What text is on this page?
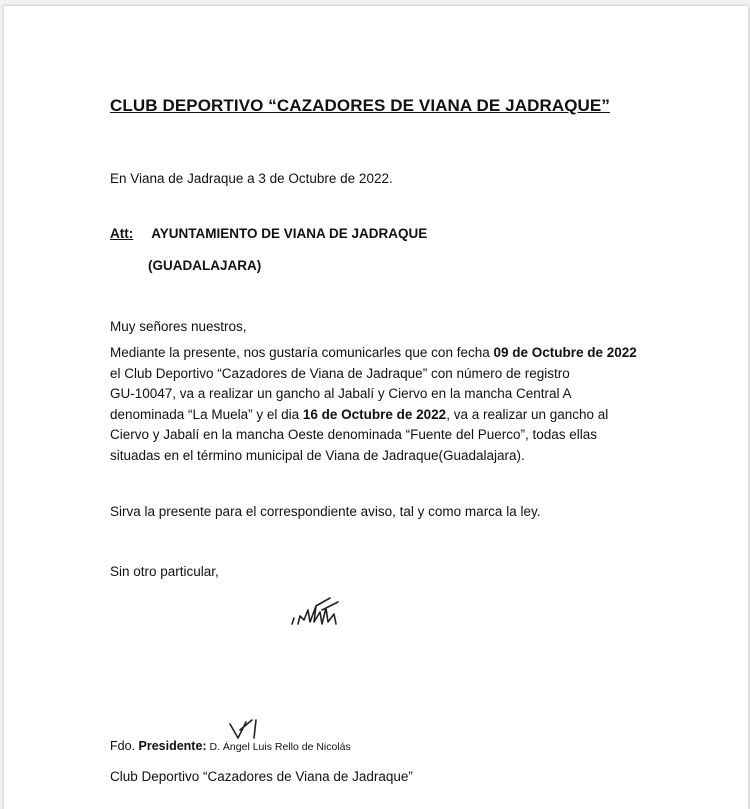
CLUB DEPORTIVO “CAZADORES DE VIANA DE JADRAQUE”
En Viana de Jadraque a 3 de Octubre de 2022.
Att: AYUNTAMIENTO DE VIANA DE JADRAQUE
(GUADALAJARA)
Muy señores nuestros,
Mediante la presente, nos gustaría comunicarles que con fecha 09 de Octubre de 2022
el Club Deportivo “Cazadores de Viana de Jadraque” con número de registro
GU-10047, va a realizar un gancho al Jabalí y Ciervo en la mancha Central A
denominada “La Muela” y el dia 16 de Octubre de 2022, va a realizar un gancho al
Ciervo y Jabalí en la mancha Oeste denominada “Fuente del Puerco”, todas ellas
situadas en el término municipal de Viana de Jadraque(Guadalajara).
Sirva la presente para el correspondiente aviso, tal y como marca la ley.
Sin otro particular,
Fdo. Presidente: D. Ángel Luis Rello de Nicolás
Club Deportivo “Cazadores de Viana de Jadraque”
